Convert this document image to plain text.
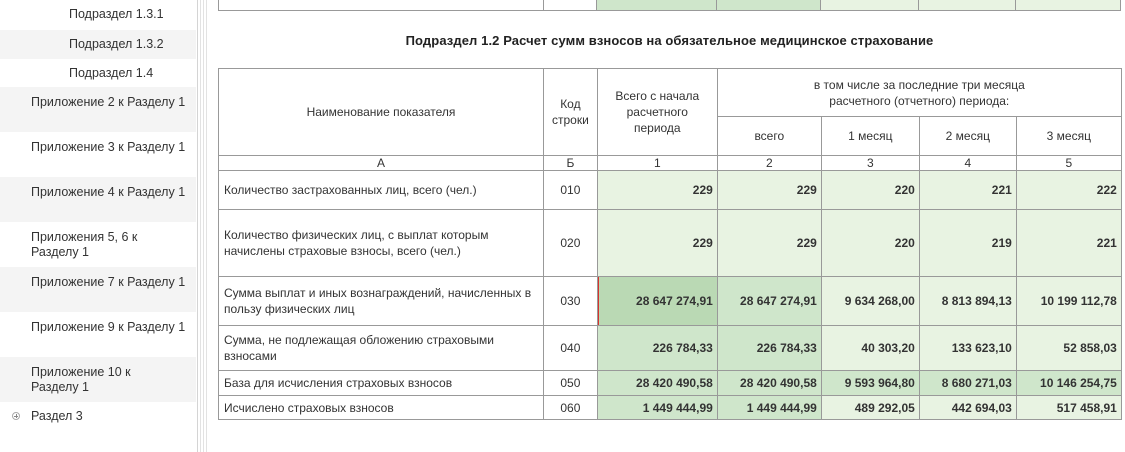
Подраздел 1.3.1
Подраздел 1.3.2
Подраздел 1.4
Приложение 2 к Разделу 1
Приложение 3 к Разделу 1
Приложение 4 к Разделу 1
Приложения 5, 6 к Разделу 1
Приложение 7 к Разделу 1
Приложение 9 к Разделу 1
Приложение 10 к Разделу 1
Раздел 3

Подраздел 1.2 Расчет сумм взносов на обязательное медицинское страхование
Наименование показателя	Код строки	Всего с начала расчетного периода	в том числе за последние три месяца расчетного (отчетного) периода:			
			всего	1 месяц	2 месяц	3 месяц
А	Б	1	2	3	4	5
Количество застрахованных лиц, всего (чел.)	010	229	229	220	221	222
Количество физических лиц, с выплат которым начислены страховые взносы, всего (чел.)	020	229	229	220	219	221
Сумма выплат и иных вознаграждений, начисленных в пользу физических лиц	030	28 647 274,91	28 647 274,91	9 634 268,00	8 813 894,13	10 199 112,78
Сумма, не подлежащая обложению страховыми взносами	040	226 784,33	226 784,33	40 303,20	133 623,10	52 858,03
База для исчисления страховых взносов	050	28 420 490,58	28 420 490,58	9 593 964,80	8 680 271,03	10 146 254,75
Исчислено страховых взносов	060	1 449 444,99	1 449 444,99	489 292,05	442 694,03	517 458,91
